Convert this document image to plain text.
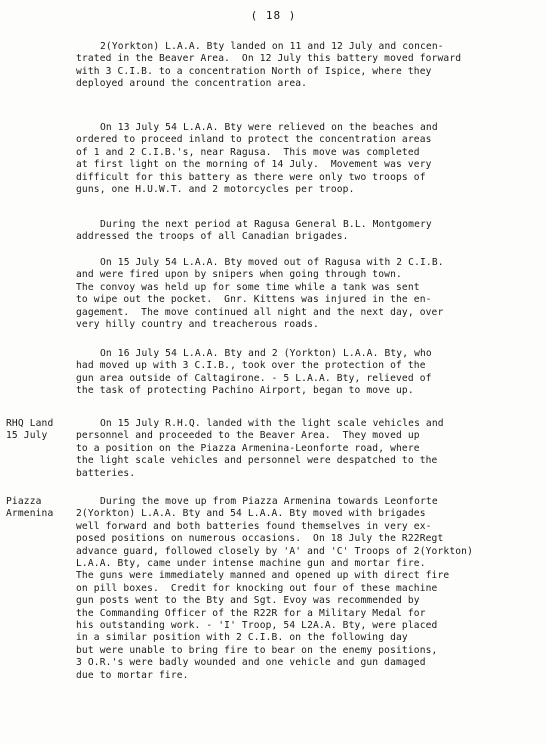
( 18 )

2(Yorkton) L.A.A. Bty landed on 11 and 12 July and concen-
trated in the Beaver Area.  On 12 July this battery moved forward
with 3 C.I.B. to a concentration North of Ispice, where they
deployed around the concentration area.

On 13 July 54 L.A.A. Bty were relieved on the beaches and
ordered to proceed inland to protect the concentration areas
of 1 and 2 C.I.B.'s, near Ragusa.  This move was completed
at first light on the morning of 14 July.  Movement was very
difficult for this battery as there were only two troops of
guns, one H.U.W.T. and 2 motorcycles per troop.

During the next period at Ragusa General B.L. Montgomery
addressed the troops of all Canadian brigades.

On 15 July 54 L.A.A. Bty moved out of Ragusa with 2 C.I.B.
and were fired upon by snipers when going through town.
The convoy was held up for some time while a tank was sent
to wipe out the pocket.  Gnr. Kittens was injured in the en-
gagement.  The move continued all night and the next day, over
very hilly country and treacherous roads.

On 16 July 54 L.A.A. Bty and 2 (Yorkton) L.A.A. Bty, who
had moved up with 3 C.I.B., took over the protection of the
gun area outside of Caltagirone. - 5 L.A.A. Bty, relieved of
the task of protecting Pachino Airport, began to move up.

RHQ Land
15 July

On 15 July R.H.Q. landed with the light scale vehicles and
personnel and proceeded to the Beaver Area.  They moved up
to a position on the Piazza Armenina-Leonforte road, where
the light scale vehicles and personnel were despatched to the
batteries.

Piazza
Armenina

During the move up from Piazza Armenina towards Leonforte
2(Yorkton) L.A.A. Bty and 54 L.A.A. Bty moved with brigades
well forward and both batteries found themselves in very ex-
posed positions on numerous occasions.  On 18 July the R22Regt
advance guard, followed closely by 'A' and 'C' Troops of 2(Yorkton)
L.A.A. Bty, came under intense machine gun and mortar fire.
The guns were immediately manned and opened up with direct fire
on pill boxes.  Credit for knocking out four of these machine
gun posts went to the Bty and Sgt. Evoy was recommended by
the Commanding Officer of the R22R for a Military Medal for
his outstanding work. - 'I' Troop, 54 L2A.A. Bty, were placed
in a similar position with 2 C.I.B. on the following day
but were unable to bring fire to bear on the enemy positions,
3 O.R.'s were badly wounded and one vehicle and gun damaged
due to mortar fire.
